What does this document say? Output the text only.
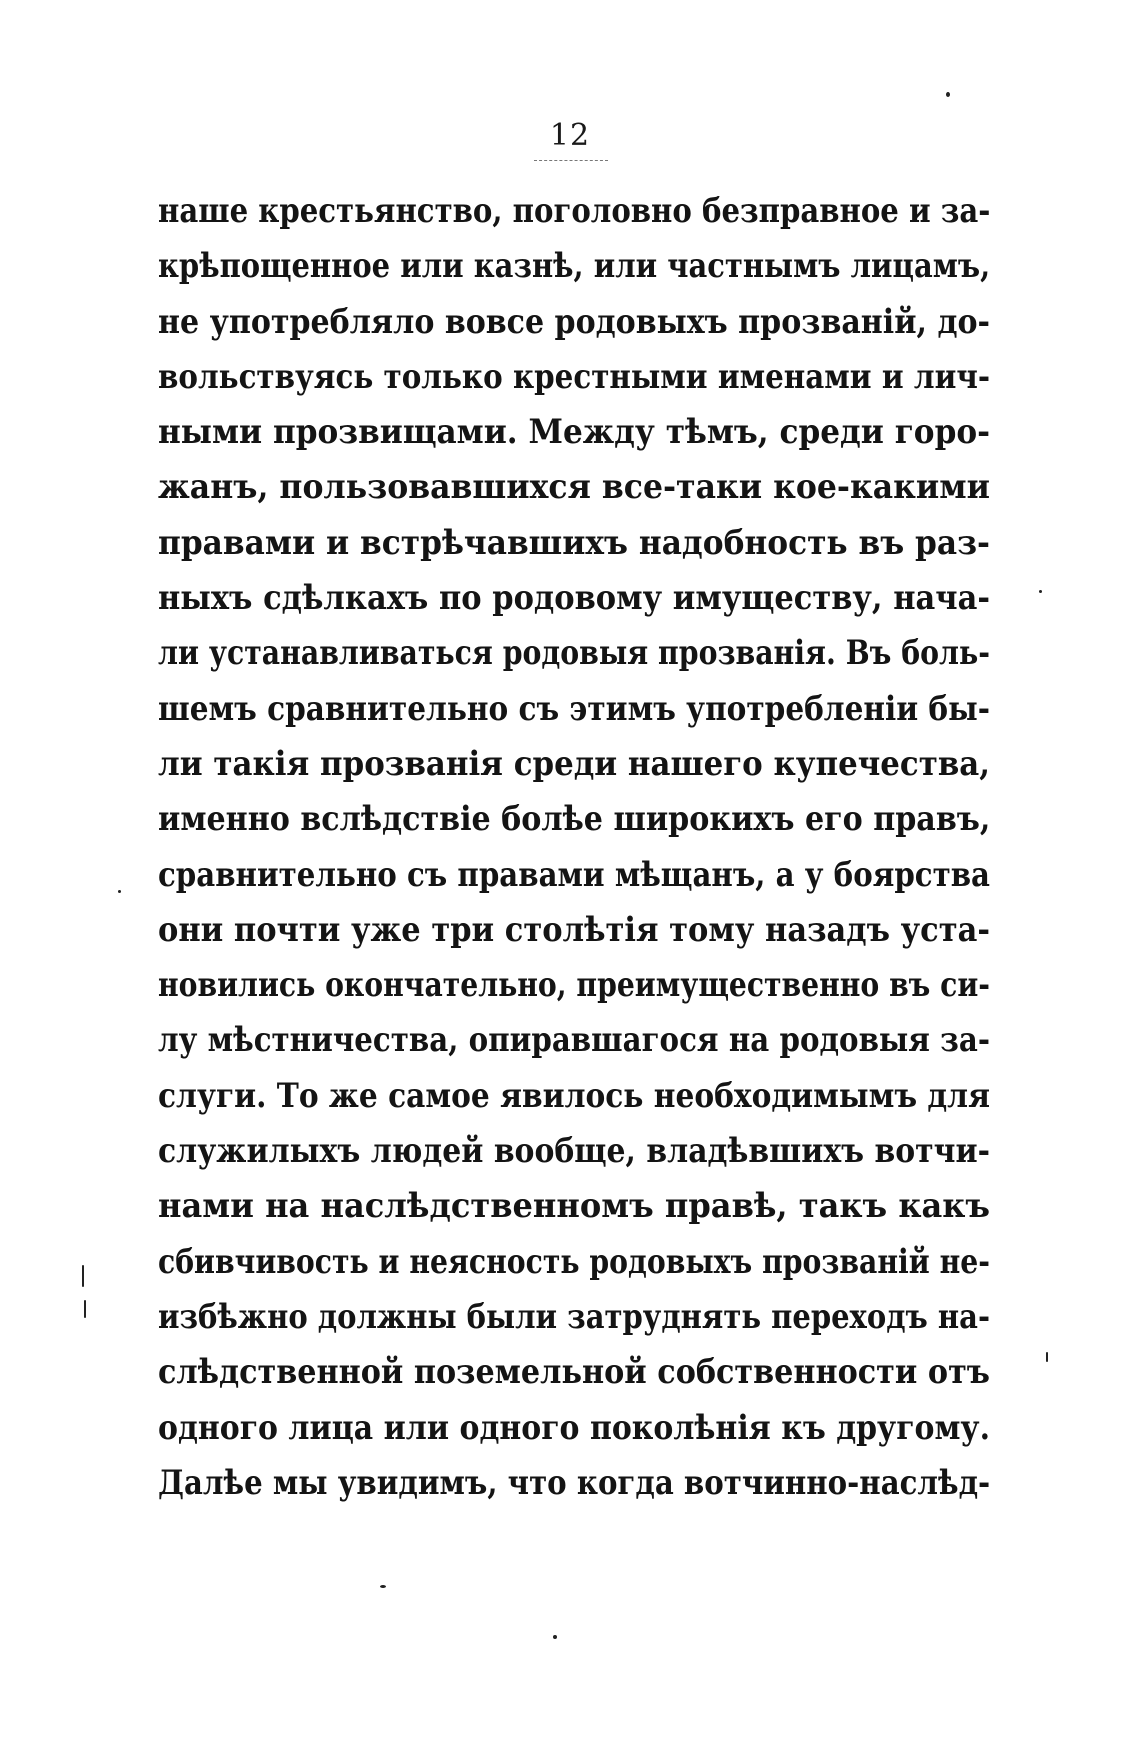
12
наше крестьянство, поголовно безправное и за-
крѣпощенное или казнѣ, или частнымъ лицамъ,
не употребляло вовсе родовыхъ прозваній, до-
вольствуясь только крестными именами и лич-
ными прозвищами. Между тѣмъ, среди горо-
жанъ, пользовавшихся все-таки кое-какими
правами и встрѣчавшихъ надобность въ раз-
ныхъ сдѣлкахъ по родовому имуществу, нача-
ли устанавливаться родовыя прозванія. Въ боль-
шемъ сравнительно съ этимъ употребленіи бы-
ли такія прозванія среди нашего купечества,
именно вслѣдствіе болѣе широкихъ его правъ,
сравнительно съ правами мѣщанъ, а у боярства
они почти уже три столѣтія тому назадъ уста-
новились окончательно, преимущественно въ си-
лу мѣстничества, опиравшагося на родовыя за-
слуги. То же самое явилось необходимымъ для
служилыхъ людей вообще, владѣвшихъ вотчи-
нами на наслѣдственномъ правѣ, такъ какъ
сбивчивость и неясность родовыхъ прозваній не-
избѣжно должны были затруднять переходъ на-
слѣдственной поземельной собственности отъ
одного лица или одного поколѣнія къ другому.
Далѣе мы увидимъ, что когда вотчинно-наслѣд-
